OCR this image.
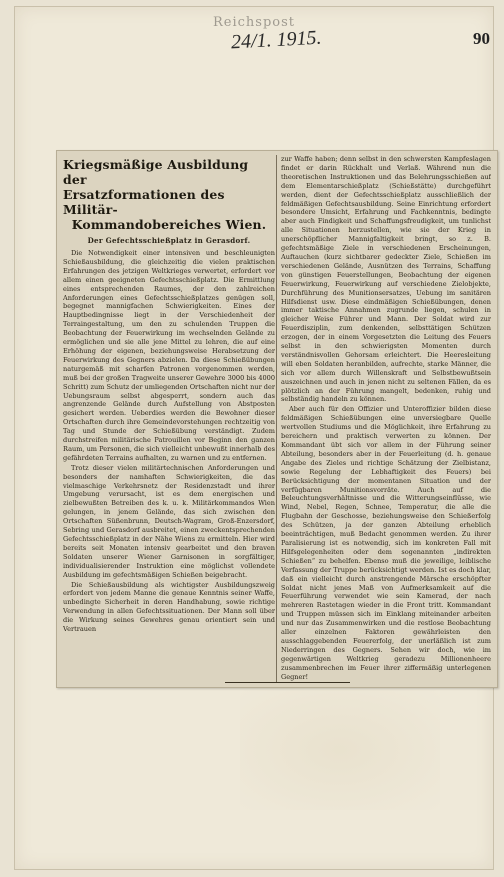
Reichspost
24/1. 1915.	90
Kriegsmäßige Ausbildung der
Ersatzformationen des Militär-
Kommandobereiches Wien.
Der Gefechtsschießplatz in Gerasdorf.

Die Notwendigkeit einer intensiven und beschleunigten Schießausbildung, die gleichzeitig die vielen praktischen Erfahrungen des jetzigen Weltkrieges verwertet, erfordert vor allem einen geeigneten Gefechtsschießplatz. Die Ermittlung eines entsprechenden Raumes, der den zahlreichen Anforderungen eines Gefechtsschießplatzes genügen soll, begegnet mannigfachen Schwierigkeiten. Eines der Hauptbedingnisse liegt in der Verschiedenheit der Terraingestaltung, um den zu schulenden Truppen die Beobachtung der Feuerwirkung im wechselnden Gelände zu ermöglichen und sie alle jene Mittel zu lehren, die auf eine Erhöhung der eigenen, beziehungsweise Herabsetzung der Feuerwirkung des Gegners abzielen. Da diese Schießübungen naturgemäß mit scharfen Patronen vorgenommen werden, muß bei der großen Tragweite unserer Gewehre 3000 bis 4000 Schritt) zum Schutz der umliegenden Ortschaften nicht nur der Uebungsraum selbst abgesperrt, sondern auch das angrenzende Gelände durch Aufstellung von Abstposten gesichert werden. Ueberdies werden die Bewohner dieser Ortschaften durch ihre Gemeindevorstehungen rechtzeitig von Tag und Stunde der Schießübung verständigt. Zudem durchstreifen militärische Patrouillen vor Beginn den ganzen Raum, um Personen, die sich vielleicht unbewußt innerhalb des gefährdeten Terrains aufhalten, zu warnen und zu entfernen.

Trotz dieser vielen militärtechnischen Anforderungen und besonders der namhaften Schwierigkeiten, die das vielmaschige Verkehrsnetz der Residenzstadt und ihrer Umgebung verursacht, ist es dem energischen und zielbewußten Betreiben des k. u. k. Militärkommandos Wien gelungen, in jenem Gelände, das sich zwischen den Ortschaften Süßenbrunn, Deutsch-Wagram, Groß-Enzersdorf, Sebring und Gerasdorf ausbreitet, einen zweckentsprechenden Gefechtsschießplatz in der Nähe Wiens zu ermitteln. Hier wird bereits seit Monaten intensiv gearbeitet und den braven Soldaten unserer Wiener Garnisonen in sorgfältiger, individualisierender Instruktion eine möglichst vollendete Ausbildung im gefechtsmäßigen Schießen beigebracht.

Die Schießausbildung als wichtigster Ausbildungszweig erfordert von jedem Manne die genaue Kenntnis seiner Waffe, unbedingte Sicherheit in deren Handhabung, sowie richtige Verwendung in allen Gefechtssituationen. Der Mann soll über die Wirkung seines Gewehres genau orientiert sein und Vertrauen

zur Waffe haben; denn selbst in den schwersten Kampfeslagen findet er darin Rückhalt und Verlaß. Während nun die theoretischen Instruktionen und das Belehrungsschießen auf dem Elementarschießplatz (Schießstätte) durchgeführt werden, dient der Gefechtsschießplatz ausschließlich der feldmäßigen Gefechtsausbildung. Seine Einrichtung erfordert besondere Umsicht, Erfahrung und Fachkenntnis, bedingte aber auch Findigkeit und Schaffungsfreudigkeit, um tunlichst alle Situationen herzustellen, wie sie der Krieg in unerschöpflicher Mannigfaltigkeit bringt, so z. B. gefechtsmäßige Ziele in verschiedenen Erscheinungen, Auftauchen (kurz sichtbarer gedeckter Ziele, Schießen im verschiedenen Gelände, Ausnützen des Terrains, Schaffung von günstigen Feuerstellungen, Beobachtung der eigenen Feuerwirkung, Feuerwirkung auf verschiedene Zielobjekte, Durchführung des Munitionsersatzes, Uebung im sanitären Hilfsdienst usw. Diese eindmäßigen Schießübungen, denen immer taktische Annahmen zugrunde liegen, schulen in gleicher Weise Führer und Mann. Der Soldat wird zur Feuerdisziplin, zum denkenden, selbsttätigen Schützen erzogen, der in einem Vorgesetzten die Leitung des Feuers selbst in den schwierigsten Momenten durch verständnisvollen Gehorsam erleichtert. Die Heeresleitung will eben Soldaten heranbilden, aufrechte, starke Männer, die sich vor allem durch Willenskraft und Selbstbewußtsein auszeichnen und auch in jenen nicht zu seltenen Fällen, da es plötzlich an der Führung mangelt, bedenken, ruhig und selbständig handeln zu können.

Aber auch für den Offizier und Unteroffizier bilden diese feldmäßigen Schießübungen eine unversiegbare Quelle wertvollen Studiums und die Möglichkeit, ihre Erfahrung zu bereichern und praktisch verwerten zu können. Der Kommandant übt sich vor allem in der Führung seiner Abteilung, besonders aber in der Feuerleitung (d. h. genaue Angabe des Zieles und richtige Schätzung der Zielbistanz, sowie Regelung der Lebhaftigkeit des Feuers) bei Berücksichtigung der momentanen Situation und der verfügbaren Munitionsvorräte. Auch auf die Beleuchtungsverhältnisse und die Witterungseinflüsse, wie Wind, Nebel, Regen, Schnee, Temperatur, die alle die Flugbahn der Geschosse, beziehungsweise den Schießerfolg des Schützen, ja der ganzen Abteilung erheblich beeinträchtigen, muß Bedacht genommen werden. Zu ihrer Paralisierung ist es notwendig, sich im konkreten Fall mit Hilfsgelegenheiten oder dem sogenannten „indirekten Schießen“ zu behelfen. Ebenso muß die jeweilige, leiblische Verfassung der Truppe berücksichtigt werden. Ist es doch klar, daß ein vielleicht durch anstrengende Märsche erschöpfter Soldat nicht jenes Maß von Aufmerksamkeit auf die Feuerführung verwendet wie sein Kamerad, der nach mehreren Rastetagen wieder in die Front tritt. Kommandant und Truppen müssen sich im Einklang miteinander arbeiten und nur das Zusammenwirken und die restlose Beobachtung aller einzelnen Faktoren gewährleisten den ausschlaggebenden Feuererfolg, der unerläßlich ist zum Niederringen des Gegners. Sehen wir doch, wie im gegenwärtigen Weltkrieg geradezu Millionenheere zusammenbrechen im Feuer ihrer ziffermäßig unterlegenen Gegner!
